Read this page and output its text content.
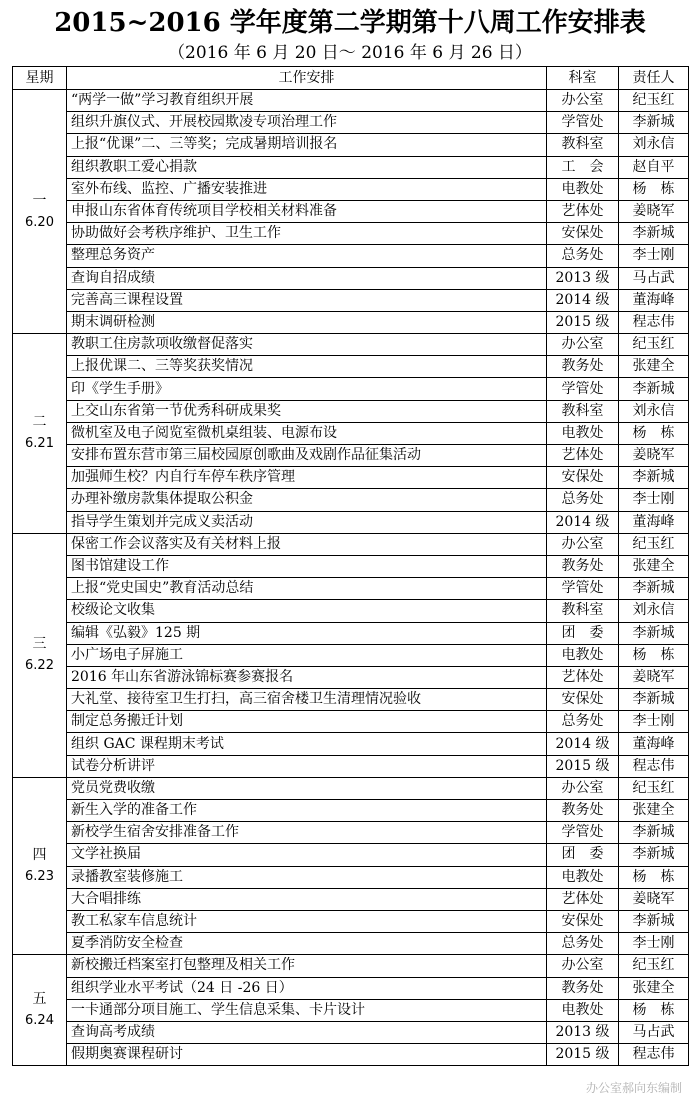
2015~2016 学年度第二学期第十八周工作安排表
（2016 年 6 月 20 日～ 2016 年 6 月 26 日）
星期	工作安排	科室	责任人

一
6.20	“两学一做”学习教育组织开展	办公室	纪玉红
	组织升旗仪式、开展校园欺凌专项治理工作	学管处	李新城
	上报“优课”二、三等奖；完成暑期培训报名	教科室	刘永信
	组织教职工爱心捐款	工　会	赵自平
	室外布线、监控、广播安装推进	电教处	杨　栋
	申报山东省体育传统项目学校相关材料准备	艺体处	姜晓军
	协助做好会考秩序维护、卫生工作	安保处	李新城
	整理总务资产	总务处	李士刚
	查询自招成绩	2013 级	马占武
	完善高三课程设置	2014 级	董海峰
	期末调研检测	2015 级	程志伟

二
6.21	教职工住房款项收缴督促落实	办公室	纪玉红
	上报优课二、三等奖获奖情况	教务处	张建全
	印《学生手册》	学管处	李新城
	上交山东省第一节优秀科研成果奖	教科室	刘永信
	微机室及电子阅览室微机桌组装、电源布设	电教处	杨　栋
	安排布置东营市第三届校园原创歌曲及戏剧作品征集活动	艺体处	姜晓军
	加强师生校？内自行车停车秩序管理	安保处	李新城
	办理补缴房款集体提取公积金	总务处	李士刚
	指导学生策划并完成义卖活动	2014 级	董海峰

三
6.22	保密工作会议落实及有关材料上报	办公室	纪玉红
	图书馆建设工作	教务处	张建全
	上报“党史国史”教育活动总结	学管处	李新城
	校级论文收集	教科室	刘永信
	编辑《弘毅》125 期	团　委	李新城
	小广场电子屏施工	电教处	杨　栋
	2016 年山东省游泳锦标赛参赛报名	艺体处	姜晓军
	大礼堂、接待室卫生打扫，高三宿舍楼卫生清理情况验收	安保处	李新城
	制定总务搬迁计划	总务处	李士刚
	组织 GAC 课程期末考试	2014 级	董海峰
	试卷分析讲评	2015 级	程志伟

四
6.23	党员党费收缴	办公室	纪玉红
	新生入学的准备工作	教务处	张建全
	新校学生宿舍安排准备工作	学管处	李新城
	文学社换届	团　委	李新城
	录播教室装修施工	电教处	杨　栋
	大合唱排练	艺体处	姜晓军
	教工私家车信息统计	安保处	李新城
	夏季消防安全检查	总务处	李士刚

五
6.24	新校搬迁档案室打包整理及相关工作	办公室	纪玉红
	组织学业水平考试（24 日 -26 日）	教务处	张建全
	一卡通部分项目施工、学生信息采集、卡片设计	电教处	杨　栋
	查询高考成绩	2013 级	马占武
	假期奥赛课程研讨	2015 级	程志伟
办公室郝向东编制
